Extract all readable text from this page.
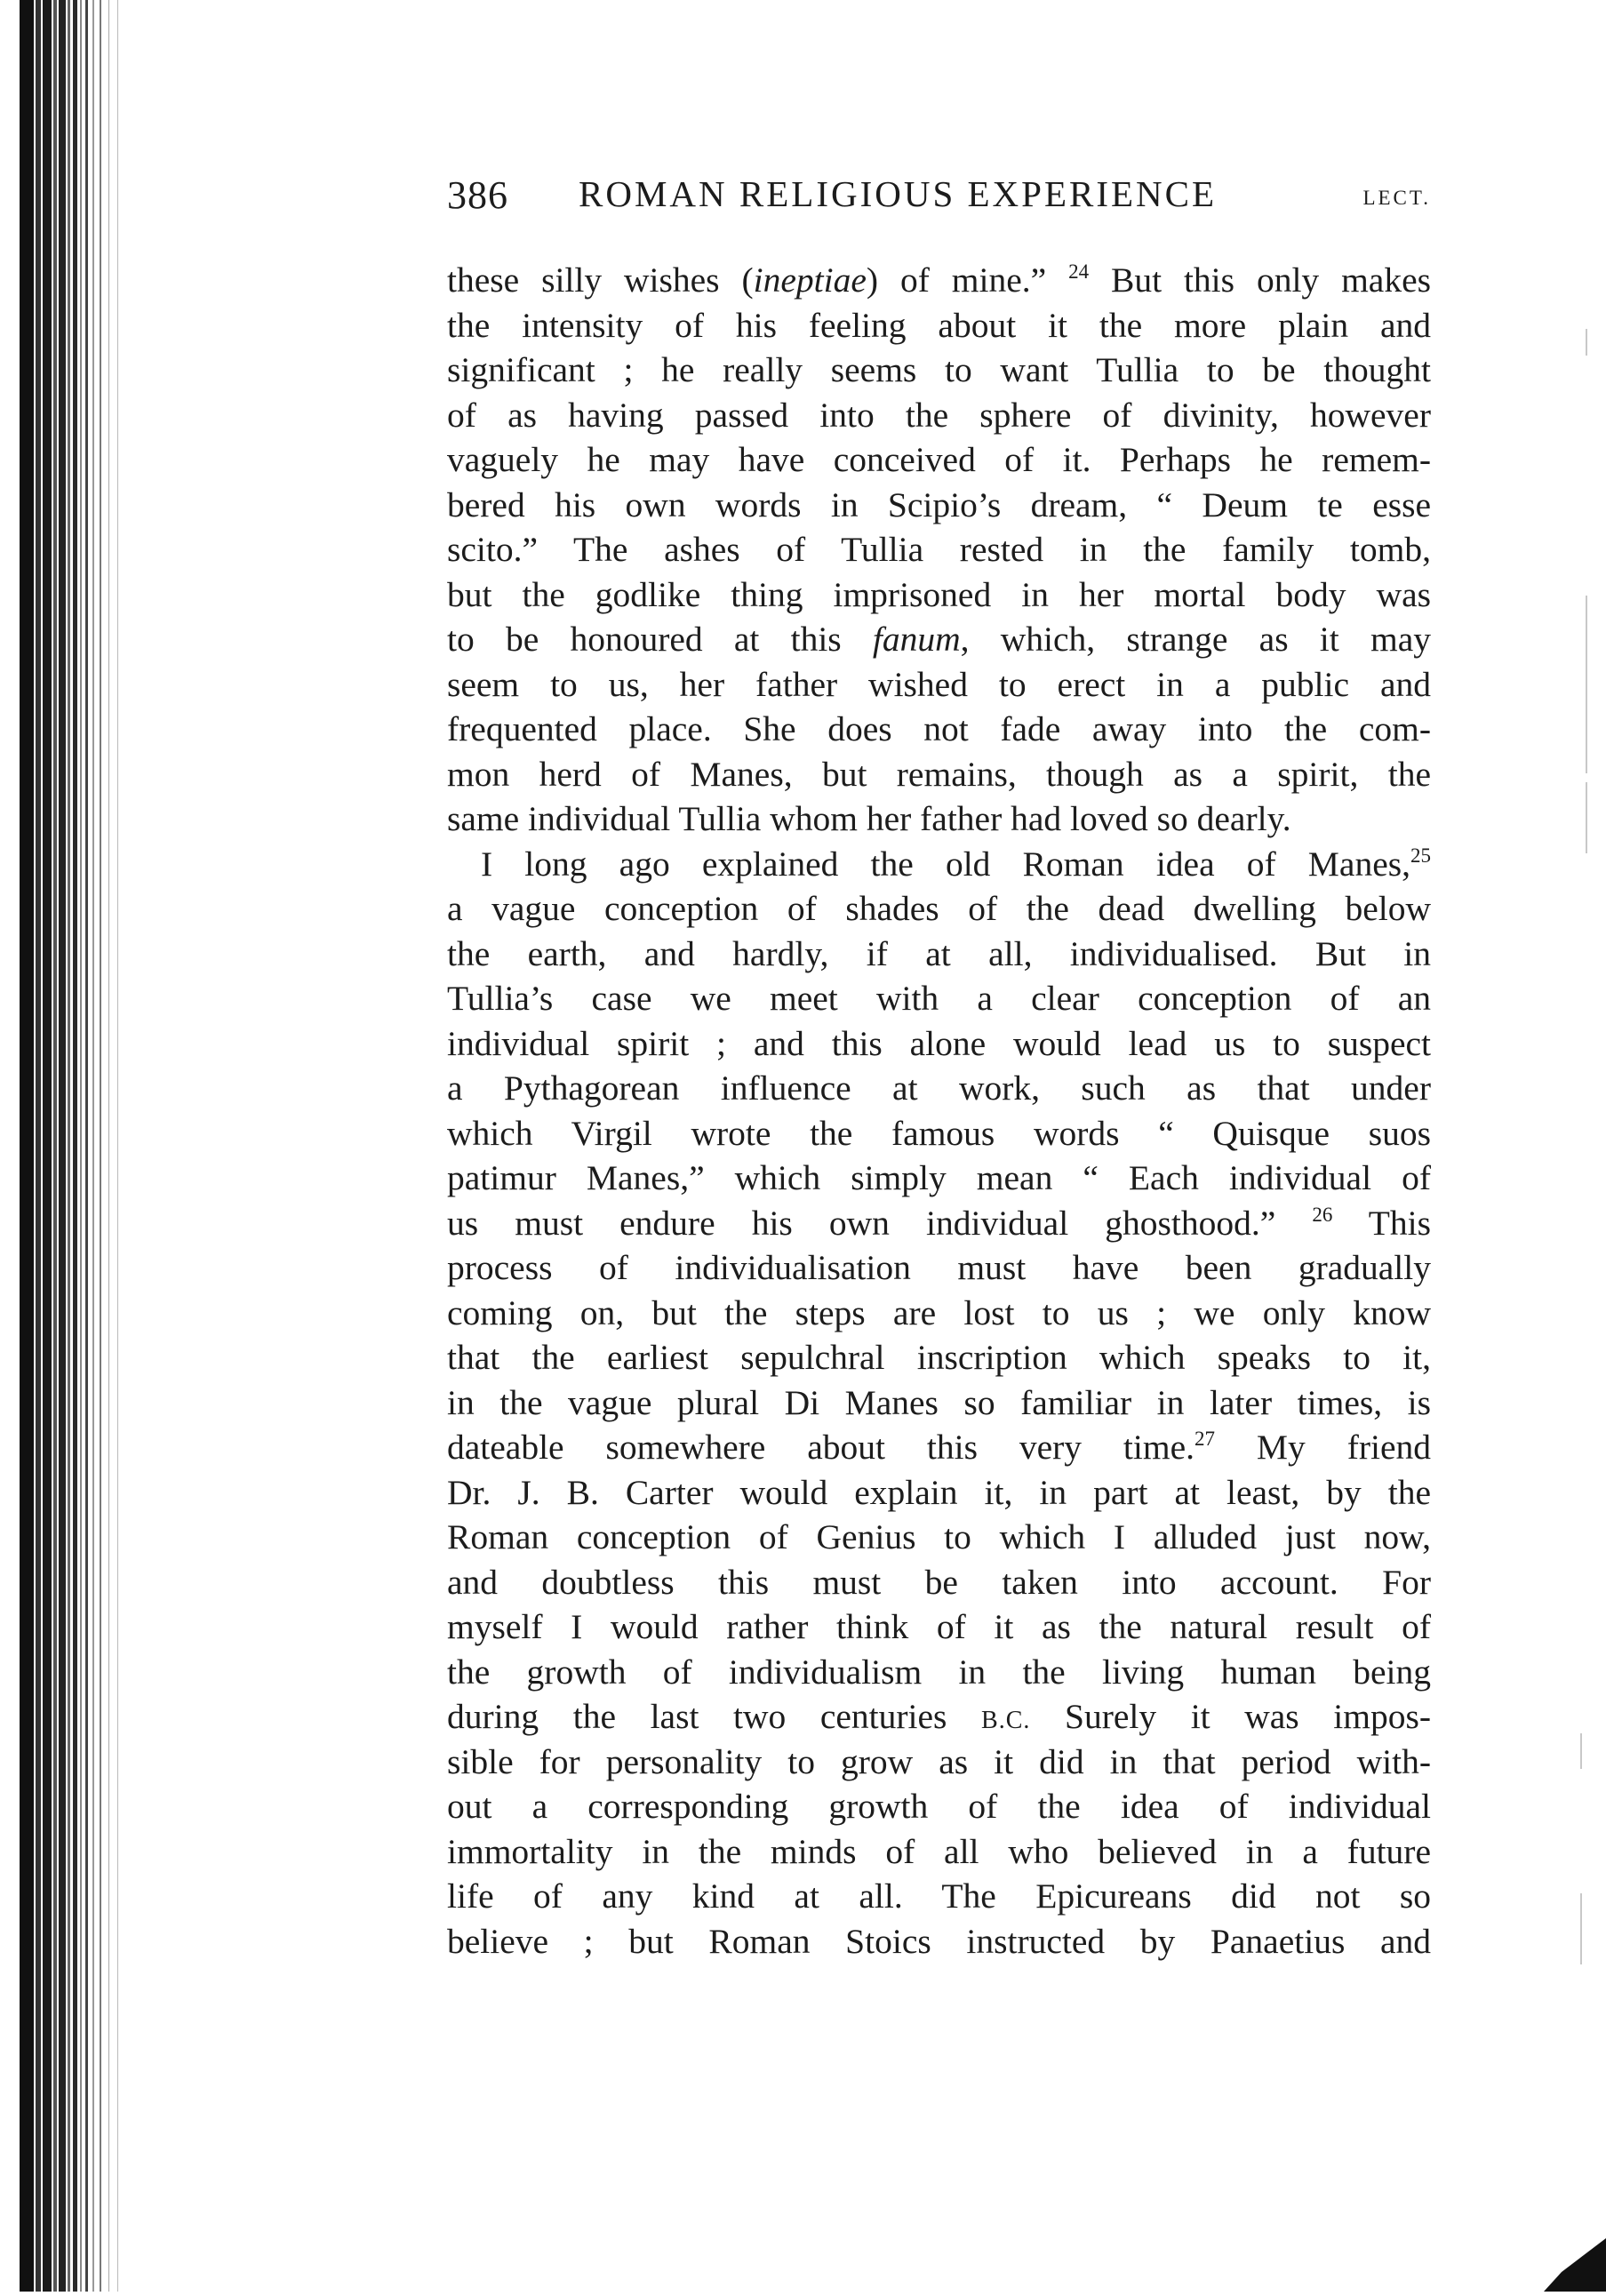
386 ROMAN RELIGIOUS EXPERIENCE	LECT.
these silly wishes (ineptiae) of mine.” $^{24}$ But this only makes
the intensity of his feeling about it the more plain and
significant ; he really seems to want Tullia to be thought
of as having passed into the sphere of divinity, however
vaguely he may have conceived of it. Perhaps he remem-
bered his own words in Scipio’s dream, “ Deum te esse
scito.” The ashes of Tullia rested in the family tomb,
but the godlike thing imprisoned in her mortal body was
to be honoured at this fanum, which, strange as it may
seem to us, her father wished to erect in a public and
frequented place. She does not fade away into the com-
mon herd of Manes, but remains, though as a spirit, the
same individual Tullia whom her father had loved so dearly.
I long ago explained the old Roman idea of Manes,$^{25}$
a vague conception of shades of the dead dwelling below
the earth, and hardly, if at all, individualised. But in
Tullia’s case we meet with a clear conception of an
individual spirit ; and this alone would lead us to suspect
a Pythagorean influence at work, such as that under
which Virgil wrote the famous words “ Quisque suos
patimur Manes,” which simply mean “ Each individual of
us must endure his own individual ghosthood.” $^{26}$ This
process of individualisation must have been gradually
coming on, but the steps are lost to us ; we only know
that the earliest sepulchral inscription which speaks to it,
in the vague plural Di Manes so familiar in later times, is
dateable somewhere about this very time.$^{27}$ My friend
Dr. J. B. Carter would explain it, in part at least, by the
Roman conception of Genius to which I alluded just now,
and doubtless this must be taken into account. For
myself I would rather think of it as the natural result of
the growth of individualism in the living human being
during the last two centuries B.C. Surely it was impos-
sible for personality to grow as it did in that period with-
out a corresponding growth of the idea of individual
immortality in the minds of all who believed in a future
life of any kind at all. The Epicureans did not so
believe ; but Roman Stoics instructed by Panaetius and
